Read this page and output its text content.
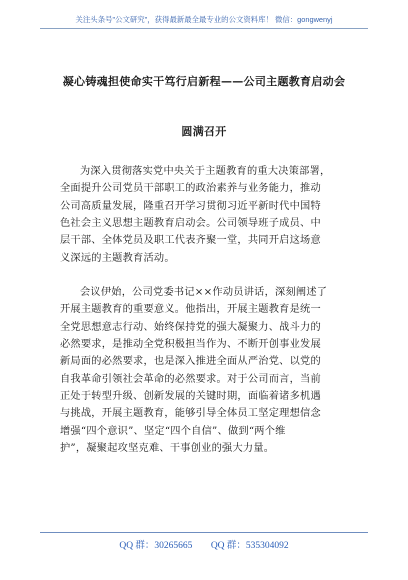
关注头条号"公文研究"，获得最新最全最专业的公文资料库！ 微信：gongwenyj
凝心铸魂担使命实干笃行启新程——公司主题教育启动会
圆满召开
为深入贯彻落实党中央关于主题教育的重大决策部署，
全面提升公司党员干部职工的政治素养与业务能力，推动
公司高质量发展，隆重召开学习贯彻习近平新时代中国特
色社会主义思想主题教育启动会。公司领导班子成员、中
层干部、全体党员及职工代表齐聚一堂，共同开启这场意
义深远的主题教育活动。
会议伊始，公司党委书记××作动员讲话，深刻阐述了
开展主题教育的重要意义。他指出，开展主题教育是统一
全党思想意志行动、始终保持党的强大凝聚力、战斗力的
必然要求，是推动全党积极担当作为、不断开创事业发展
新局面的必然要求，也是深入推进全面从严治党、以党的
自我革命引领社会革命的必然要求。对于公司而言，当前
正处于转型升级、创新发展的关键时期，面临着诸多机遇
与挑战，开展主题教育，能够引导全体员工坚定理想信念
增强“四个意识”、坚定“四个自信”、做到“两个维
护”，凝聚起攻坚克难、干事创业的强大力量。
QQ 群：30265665 QQ 群：535304092
